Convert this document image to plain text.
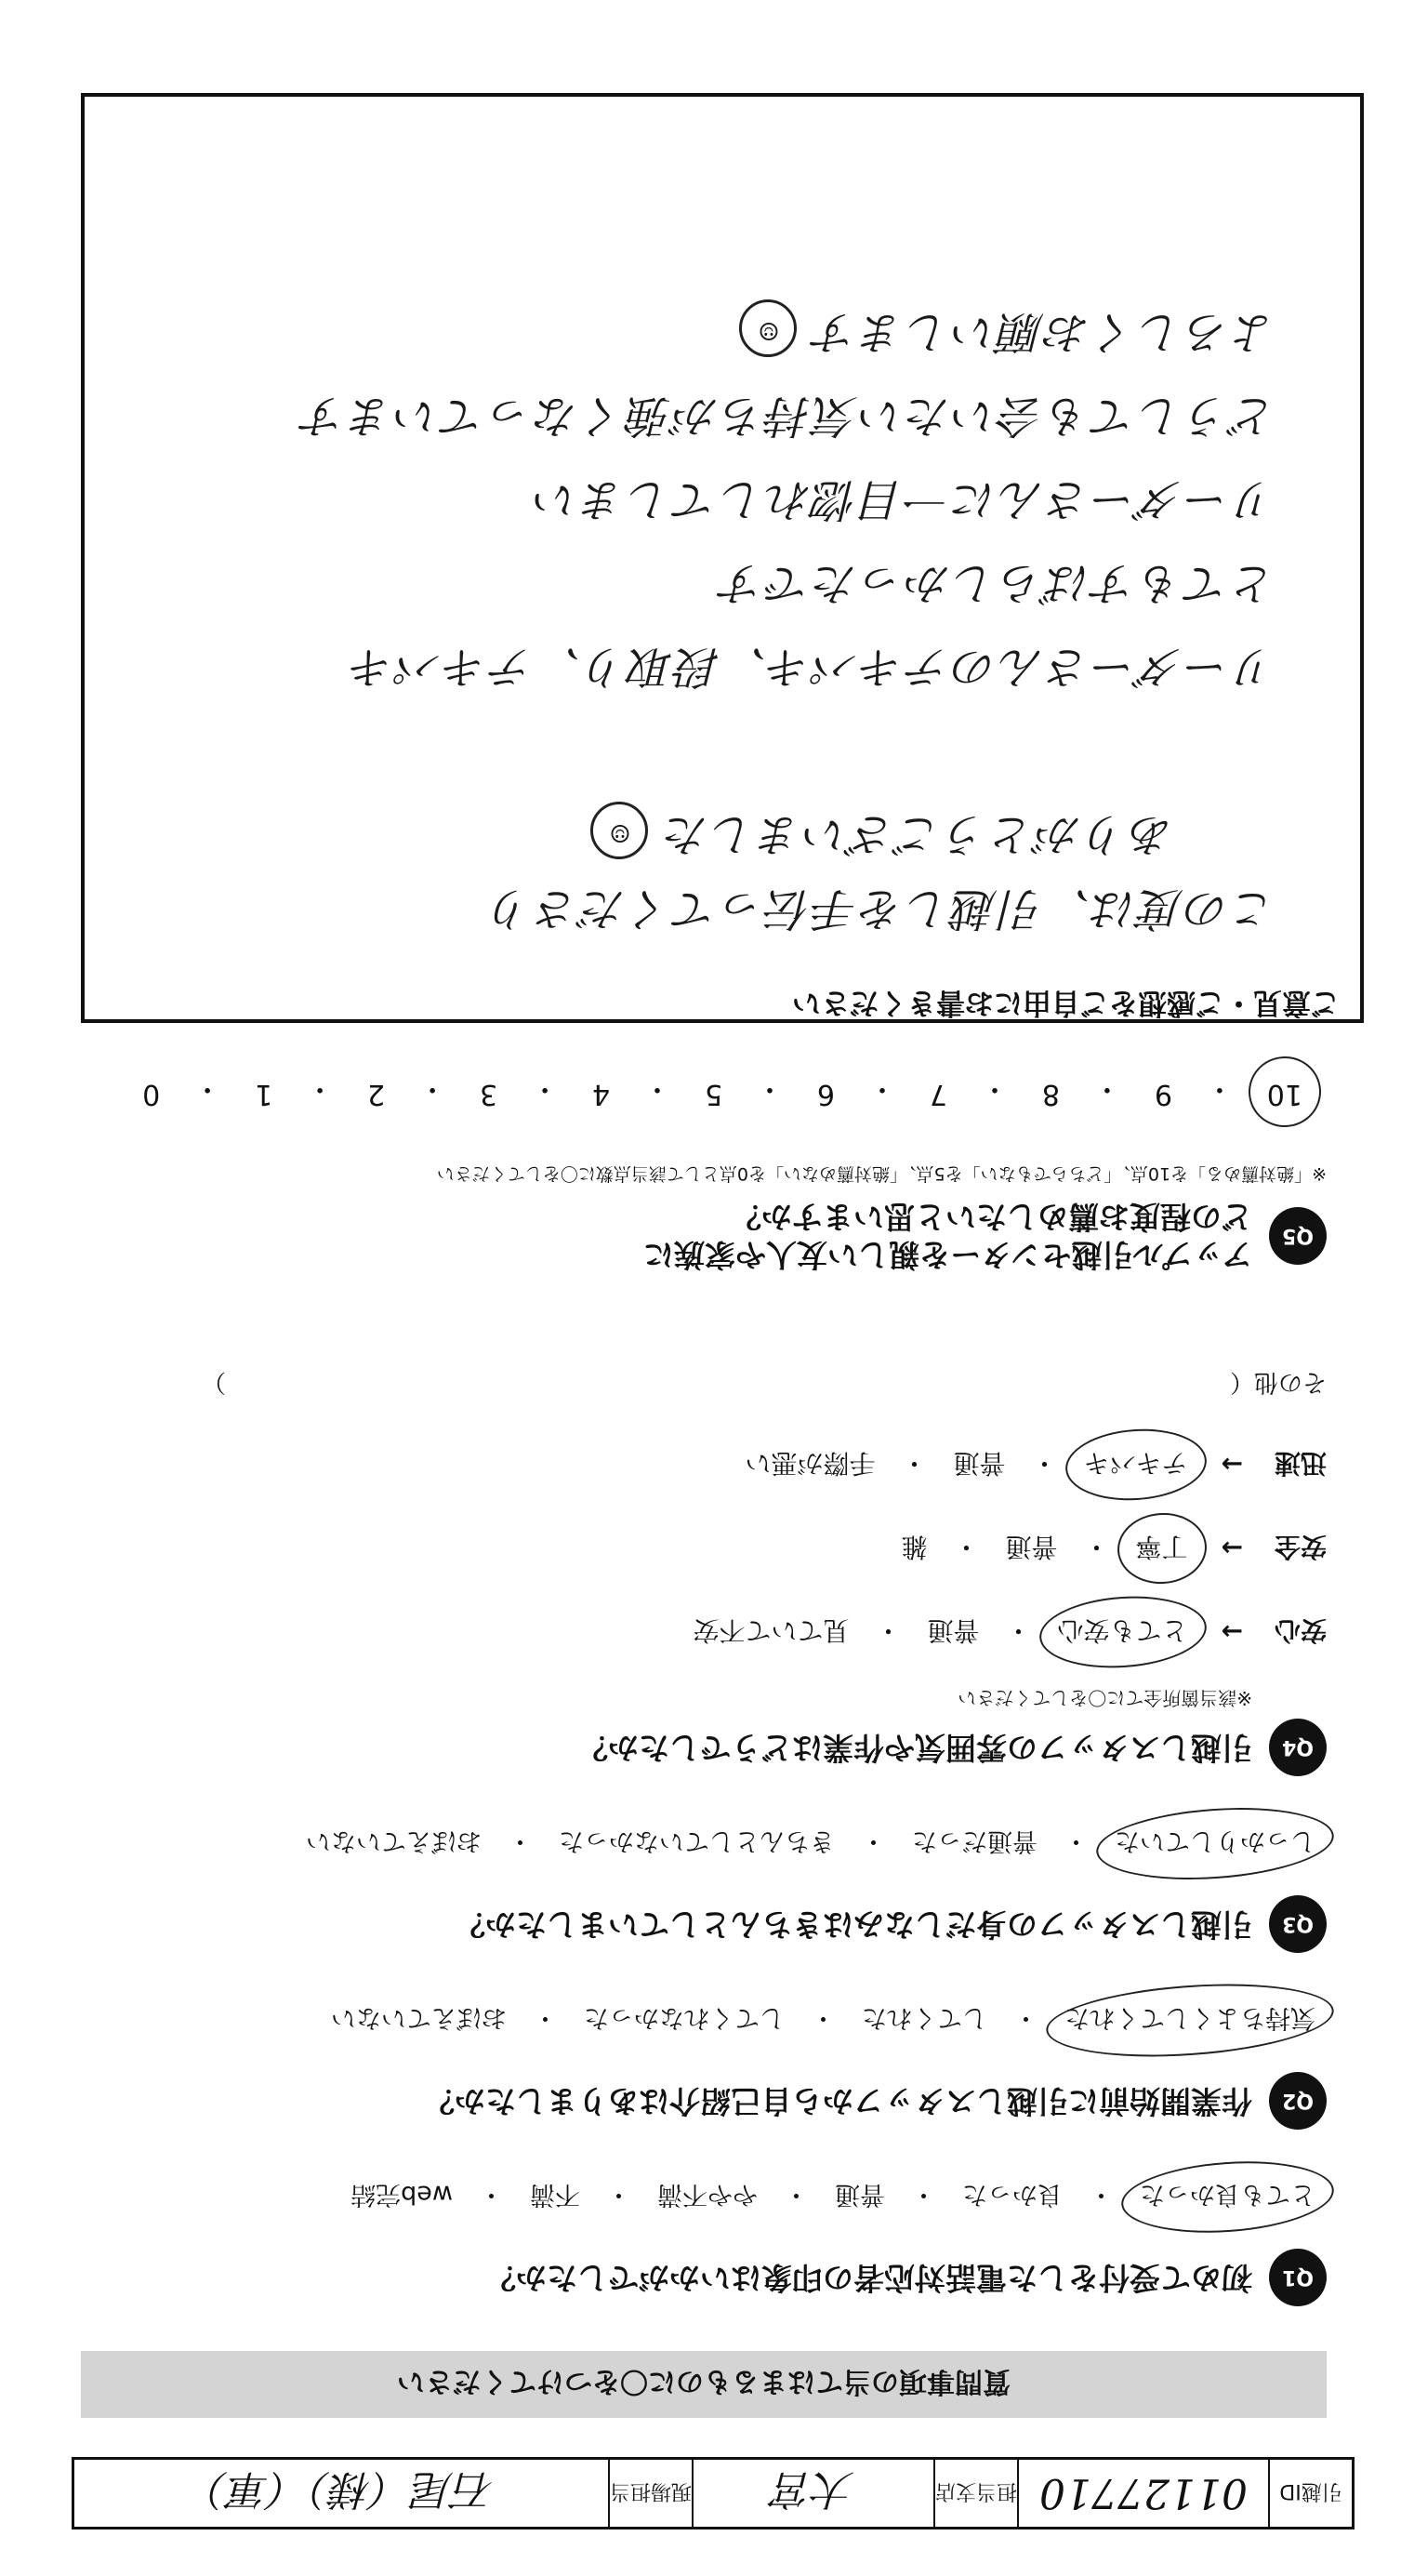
引越ID
01127710
担当支店
大宮
現場担当
石尾（様）（軍）
質問事項の当てはまるものに〇をつけてください
Q1
初めて受付をした電話対応者の印象はいかがでしたか？
とても良かった
・
良かった
・
普通
・
やや不満
・
不満
・
web完結
Q2
作業開始前に引越しスタッフから自己紹介はありましたか？
気持ちよくしてくれた
・
してくれた
・
してくれなかった
・
おぼえていない
Q3
引越しスタッフの身だしなみはきちんとしていましたか？
しっかりしていた
・
普通だった
・
きちんとしていなかった
・
おぼえていない
Q4
引越しスタッフの雰囲気や作業はどうでしたか？
※該当箇所全てに〇をしてください
安心
→
とても安心
・
普通
・
見ていて不安
安全
→
丁寧
・
普通
・
雑
迅速
→
テキパキ
・
普通
・
手際が悪い
その他（
）
Q5
アップル引越センターを親しい友人や家族に
どの程度お薦めしたいと思いますか？
※「絶対薦める」を10点、「どちらでもない」を5点、「絶対薦めない」を0点として該当点数に〇をしてください
10
・
9
・
8
・
7
・
6
・
5
・
4
・
3
・
2
・
1
・
0
ご意見・ご感想をご自由にお書きください
この度は、引越しを手伝ってくださり
ありがとうございました☺
リーダーさんのテキパキ、段取り、テキパキ
とてもすばらしかったです
リーダーさんに一目惚れしてしまい
どうしても会いたい気持ちが強くなっています
よろしくお願いします☺
